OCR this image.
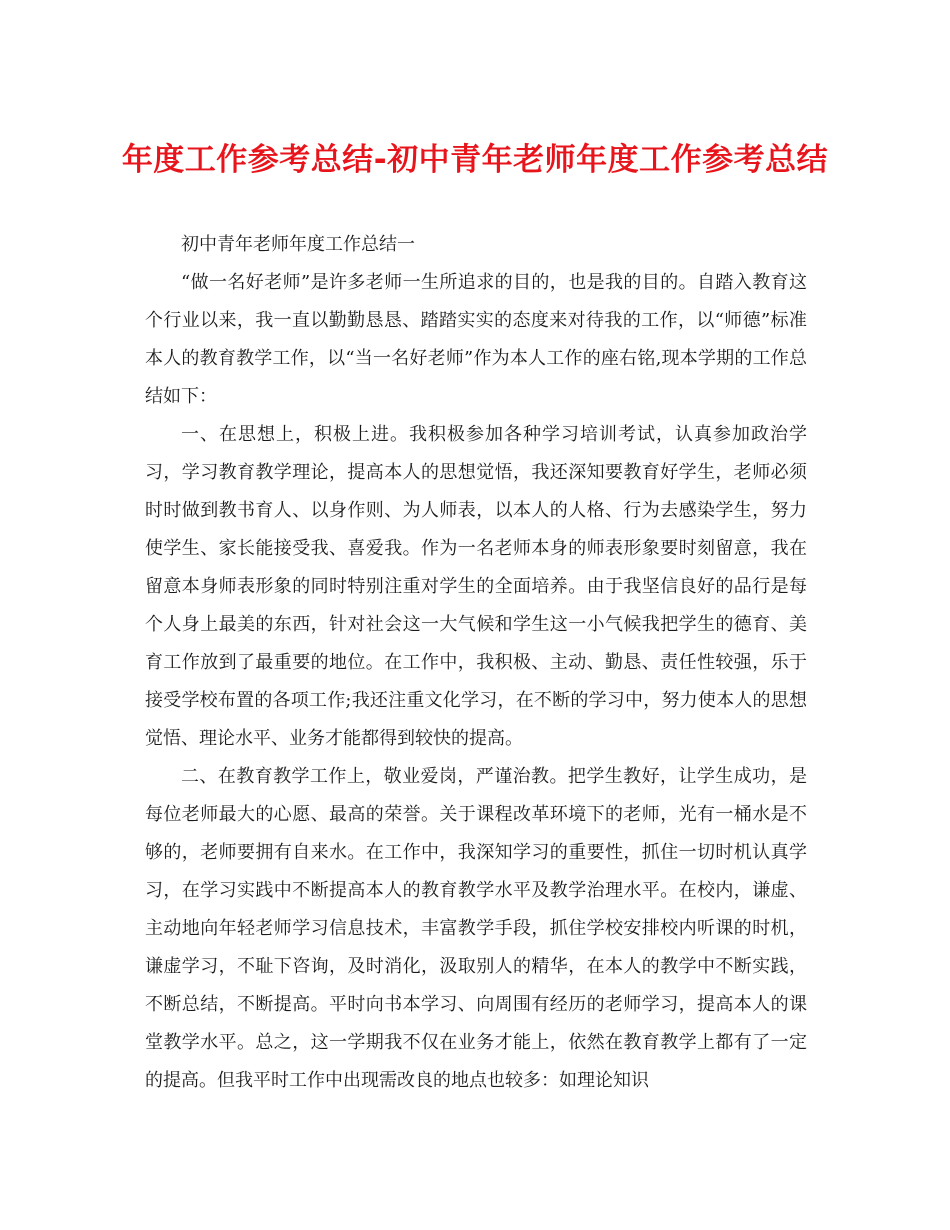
年度工作参考总结-初中青年老师年度工作参考总结

初中青年老师年度工作总结一

“做一名好老师”是许多老师一生所追求的目的，也是我的目的。自踏入教育这个行业以来，我一直以勤勤恳恳、踏踏实实的态度来对待我的工作，以“师德”标准本人的教育教学工作，以“当一名好老师”作为本人工作的座右铭,现本学期的工作总结如下：

一、在思想上，积极上进。我积极参加各种学习培训考试，认真参加政治学习，学习教育教学理论，提高本人的思想觉悟，我还深知要教育好学生，老师必须时时做到教书育人、以身作则、为人师表，以本人的人格、行为去感染学生，努力使学生、家长能接受我、喜爱我。作为一名老师本身的师表形象要时刻留意，我在留意本身师表形象的同时特别注重对学生的全面培养。由于我坚信良好的品行是每个人身上最美的东西，针对社会这一大气候和学生这一小气候我把学生的德育、美育工作放到了最重要的地位。在工作中，我积极、主动、勤恳、责任性较强，乐于接受学校布置的各项工作;我还注重文化学习，在不断的学习中，努力使本人的思想觉悟、理论水平、业务才能都得到较快的提高。

二、在教育教学工作上，敬业爱岗，严谨治教。把学生教好，让学生成功，是每位老师最大的心愿、最高的荣誉。关于课程改革环境下的老师，光有一桶水是不够的，老师要拥有自来水。在工作中，我深知学习的重要性，抓住一切时机认真学习，在学习实践中不断提高本人的教育教学水平及教学治理水平。在校内，谦虚、主动地向年轻老师学习信息技术，丰富教学手段，抓住学校安排校内听课的时机，谦虚学习，不耻下咨询，及时消化，汲取别人的精华，在本人的教学中不断实践，不断总结，不断提高。平时向书本学习、向周围有经历的老师学习，提高本人的课堂教学水平。总之，这一学期我不仅在业务才能上，依然在教育教学上都有了一定的提高。但我平时工作中出现需改良的地点也较多：如理论知识
